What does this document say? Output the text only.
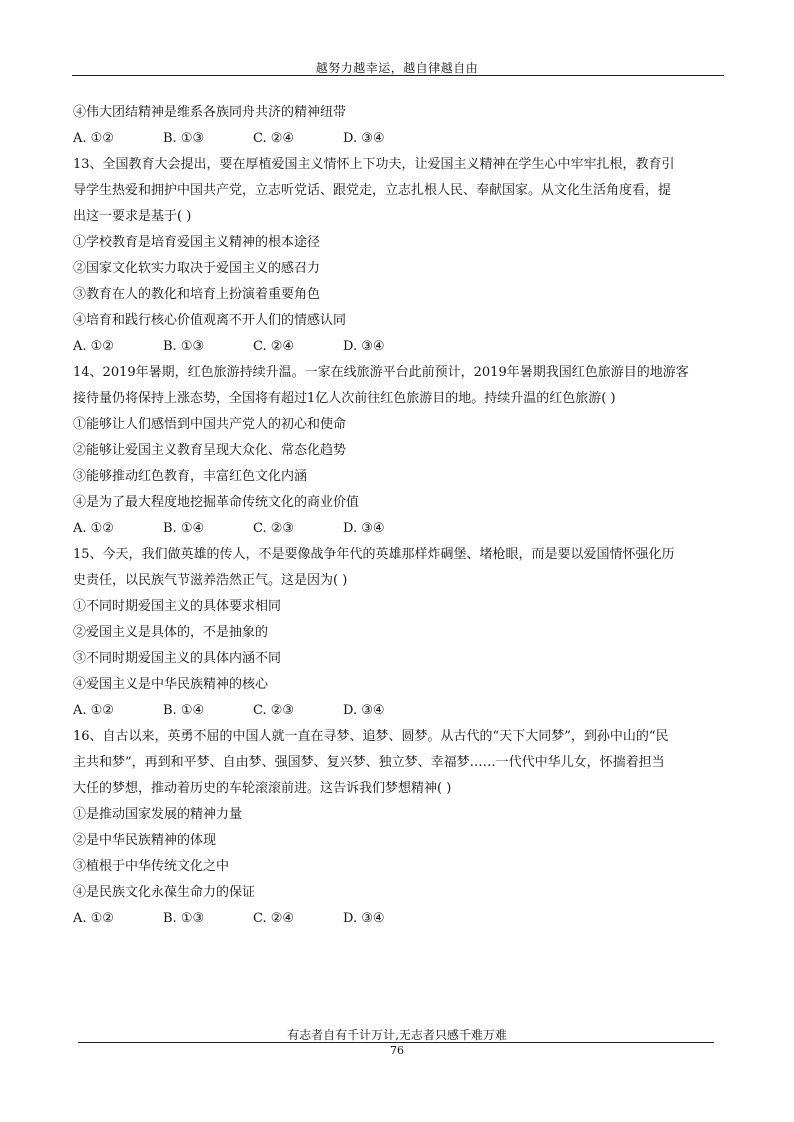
越努力越幸运，越自律越自由
④伟大团结精神是维系各族同舟共济的精神纽带
A. ①②	B. ①③	C. ②④	D. ③④
13、全国教育大会提出，要在厚植爱国主义情怀上下功夫，让爱国主义精神在学生心中牢牢扎根，教育引
导学生热爱和拥护中国共产党，立志听党话、跟党走，立志扎根人民、奉献国家。从文化生活角度看，提
出这一要求是基于( )
①学校教育是培育爱国主义精神的根本途径
②国家文化软实力取决于爱国主义的感召力
③教育在人的教化和培育上扮演着重要角色
④培育和践行核心价值观离不开人们的情感认同
A. ①②	B. ①③	C. ②④	D. ③④
14、2019年暑期，红色旅游持续升温。一家在线旅游平台此前预计，2019年暑期我国红色旅游目的地游客
接待量仍将保持上涨态势，全国将有超过1亿人次前往红色旅游目的地。持续升温的红色旅游( )
①能够让人们感悟到中国共产党人的初心和使命
②能够让爱国主义教育呈现大众化、常态化趋势
③能够推动红色教育，丰富红色文化内涵
④是为了最大程度地挖掘革命传统文化的商业价值
A. ①②	B. ①④	C. ②③	D. ③④
15、今天，我们做英雄的传人，不是要像战争年代的英雄那样炸碉堡、堵枪眼，而是要以爱国情怀强化历
史责任，以民族气节滋养浩然正气。这是因为( )
①不同时期爱国主义的具体要求相同
②爱国主义是具体的，不是抽象的
③不同时期爱国主义的具体内涵不同
④爱国主义是中华民族精神的核心
A. ①②	B. ①④	C. ②③	D. ③④
16、自古以来，英勇不屈的中国人就一直在寻梦、追梦、圆梦。从古代的“天下大同梦”，到孙中山的“民
主共和梦”，再到和平梦、自由梦、强国梦、复兴梦、独立梦、幸福梦……一代代中华儿女，怀揣着担当
大任的梦想，推动着历史的车轮滚滚前进。这告诉我们梦想精神( )
①是推动国家发展的精神力量
②是中华民族精神的体现
③植根于中华传统文化之中
④是民族文化永葆生命力的保证
A. ①②	B. ①③	C. ②④	D. ③④
有志者自有千计万计,无志者只感千难万难
76
